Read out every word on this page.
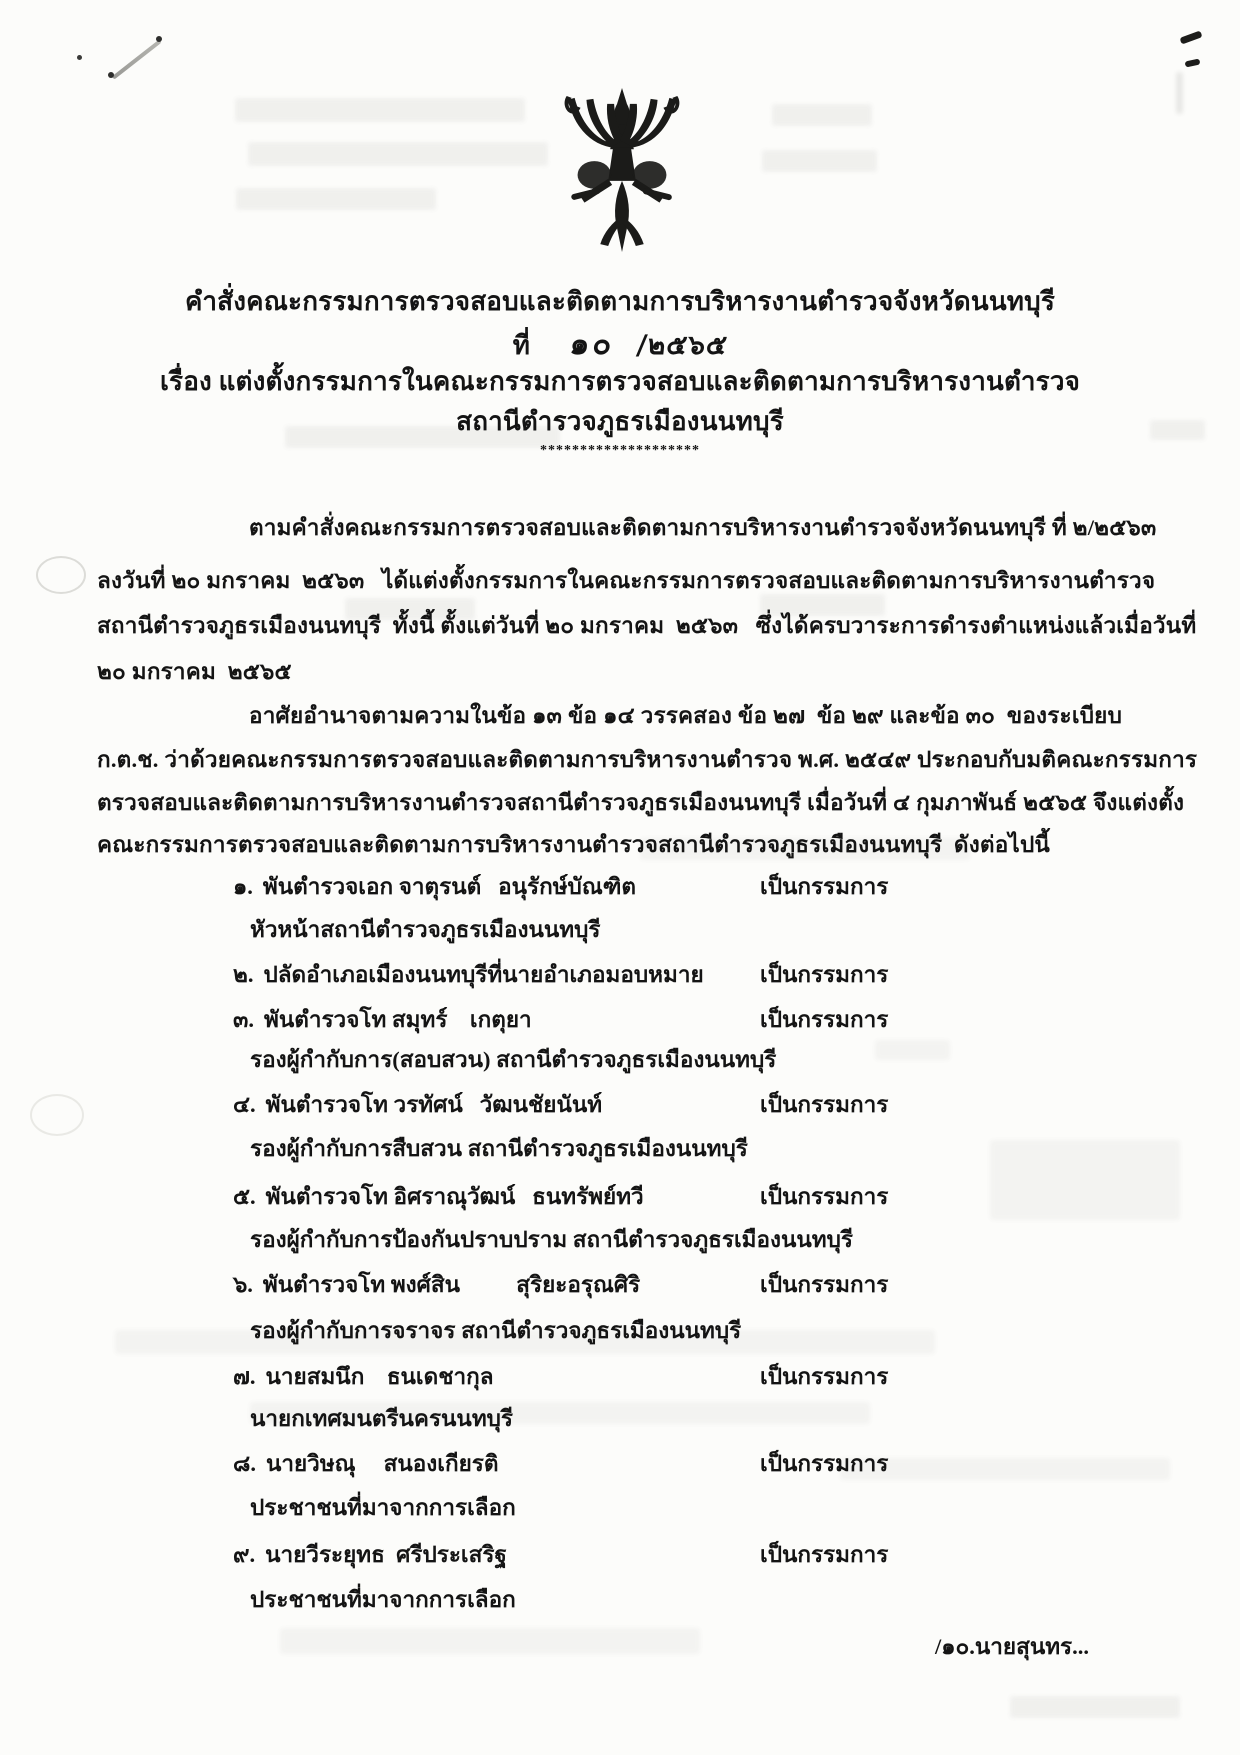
คำสั่งคณะกรรมการตรวจสอบและติดตามการบริหารงานตำรวจจังหวัดนนทบุรี
ที่ ๑๐ /๒๕๖๕
เรื่อง แต่งตั้งกรรมการในคณะกรรมการตรวจสอบและติดตามการบริหารงานตำรวจ
สถานีตำรวจภูธรเมืองนนทบุรี
********************
ตามคำสั่งคณะกรรมการตรวจสอบและติดตามการบริหารงานตำรวจจังหวัดนนทบุรี ที่ ๒/๒๕๖๓
ลงวันที่ ๒๐ มกราคม  ๒๕๖๓   ได้แต่งตั้งกรรมการในคณะกรรมการตรวจสอบและติดตามการบริหารงานตำรวจ
สถานีตำรวจภูธรเมืองนนทบุรี  ทั้งนี้ ตั้งแต่วันที่ ๒๐ มกราคม  ๒๕๖๓   ซึ่งได้ครบวาระการดำรงตำแหน่งแล้วเมื่อวันที่
๒๐ มกราคม  ๒๕๖๕
อาศัยอำนาจตามความในข้อ ๑๓ ข้อ ๑๔ วรรคสอง ข้อ ๒๗  ข้อ ๒๙ และข้อ ๓๐  ของระเบียบ
ก.ต.ช. ว่าด้วยคณะกรรมการตรวจสอบและติดตามการบริหารงานตำรวจ พ.ศ. ๒๕๔๙ ประกอบกับมติคณะกรรมการ
ตรวจสอบและติดตามการบริหารงานตำรวจสถานีตำรวจภูธรเมืองนนทบุรี เมื่อวันที่ ๔ กุมภาพันธ์ ๒๕๖๕ จึงแต่งตั้ง
คณะกรรมการตรวจสอบและติดตามการบริหารงานตำรวจสถานีตำรวจภูธรเมืองนนทบุรี  ดังต่อไปนี้
๑. พันตำรวจเอก จาตุรนต์   อนุรักษ์บัณฑิต	เป็นกรรมการ
หัวหน้าสถานีตำรวจภูธรเมืองนนทบุรี
๒. ปลัดอำเภอเมืองนนทบุรีที่นายอำเภอมอบหมาย	เป็นกรรมการ
๓. พันตำรวจโท สมุทร์    เกตุยา	เป็นกรรมการ
รองผู้กำกับการ(สอบสวน) สถานีตำรวจภูธรเมืองนนทบุรี
๔. พันตำรวจโท วรทัศน์   วัฒนชัยนันท์	เป็นกรรมการ
รองผู้กำกับการสืบสวน สถานีตำรวจภูธรเมืองนนทบุรี
๕. พันตำรวจโท อิศราณุวัฒน์   ธนทรัพย์ทวี	เป็นกรรมการ
รองผู้กำกับการป้องกันปราบปราม สถานีตำรวจภูธรเมืองนนทบุรี
๖. พันตำรวจโท พงศ์สิน          สุริยะอรุณศิริ	เป็นกรรมการ
รองผู้กำกับการจราจร สถานีตำรวจภูธรเมืองนนทบุรี
๗. นายสมนึก    ธนเดชากุล	เป็นกรรมการ
นายกเทศมนตรีนครนนทบุรี
๘. นายวิษณุ     สนองเกียรติ	เป็นกรรมการ
ประชาชนที่มาจากการเลือก
๙. นายวีระยุทธ  ศรีประเสริฐ	เป็นกรรมการ
ประชาชนที่มาจากการเลือก
/๑๐.นายสุนทร...
